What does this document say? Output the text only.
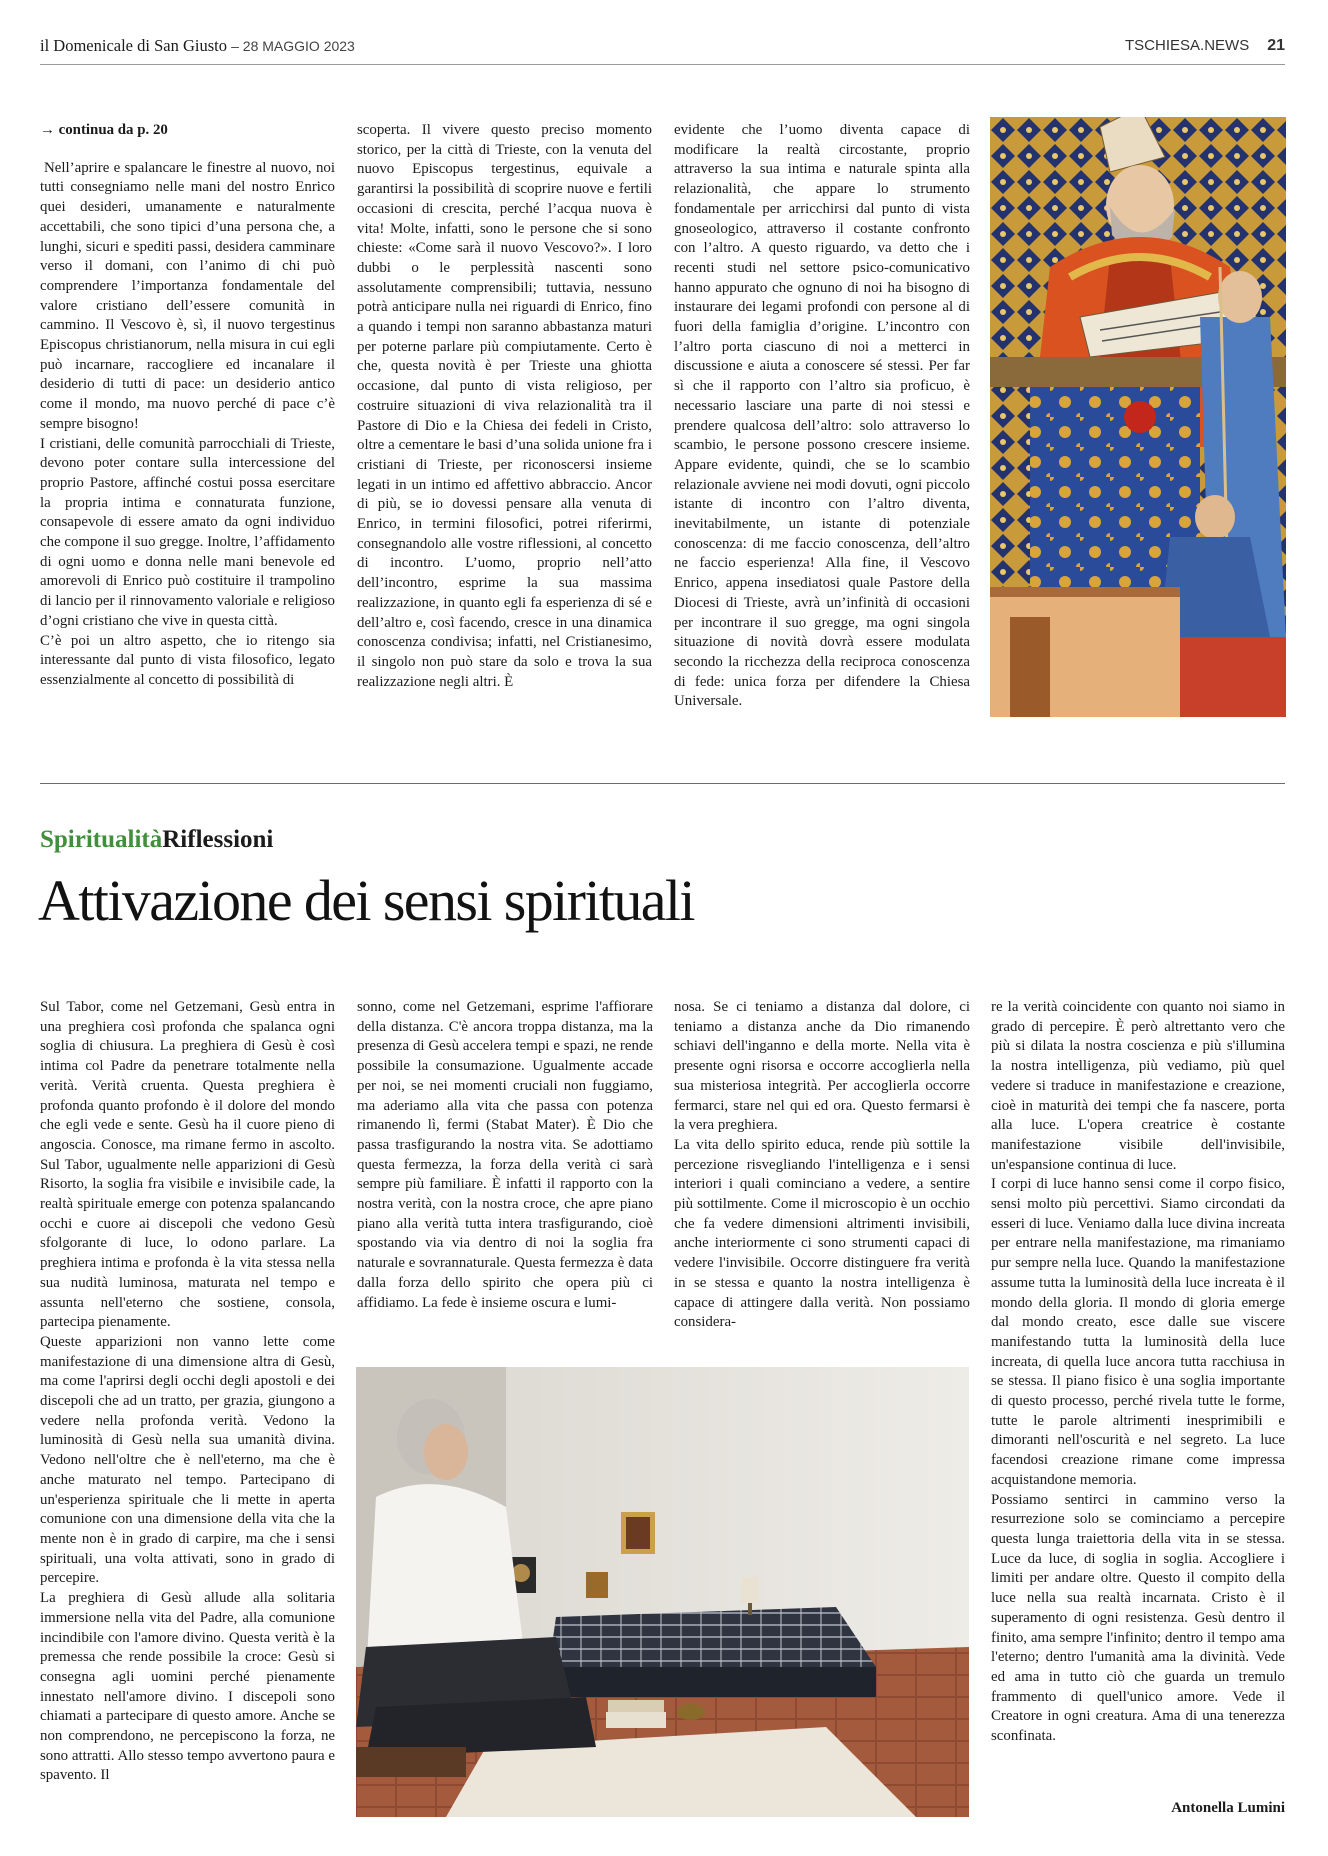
il Domenicale di San Giusto – 28 MAGGIO 2023	TSCHIESA.NEWS 21

→ continua da p. 20

Nell’aprire e spalancare le finestre al nuovo, noi tutti consegniamo nelle mani del nostro Enrico quei desideri, umanamente e naturalmente accettabili, che sono tipici d’una persona che, a lunghi, sicuri e spediti passi, desidera camminare verso il domani, con l’animo di chi può comprendere l’importanza fondamentale del valore cristiano dell’essere comunità in cammino. Il Vescovo è, sì, il nuovo tergestinus Episcopus christianorum, nella misura in cui egli può incarnare, raccogliere ed incanalare il desiderio di tutti di pace: un desiderio antico come il mondo, ma nuovo perché di pace c’è sempre bisogno!

I cristiani, delle comunità parrocchiali di Trieste, devono poter contare sulla intercessione del proprio Pastore, affinché costui possa esercitare la propria intima e connaturata funzione, consapevole di essere amato da ogni individuo che compone il suo gregge. Inoltre, l’affidamento di ogni uomo e donna nelle mani benevole ed amorevoli di Enrico può costituire il trampolino di lancio per il rinnovamento valoriale e religioso d’ogni cristiano che vive in questa città.

C’è poi un altro aspetto, che io ritengo sia interessante dal punto di vista filosofico, legato essenzialmente al concetto di possibilità di

scoperta. Il vivere questo preciso momento storico, per la città di Trieste, con la venuta del nuovo Episcopus tergestinus, equivale a garantirsi la possibilità di scoprire nuove e fertili occasioni di crescita, perché l’acqua nuova è vita! Molte, infatti, sono le persone che si sono chieste: «Come sarà il nuovo Vescovo?». I loro dubbi o le perplessità nascenti sono assolutamente comprensibili; tuttavia, nessuno potrà anticipare nulla nei riguardi di Enrico, fino a quando i tempi non saranno abbastanza maturi per poterne parlare più compiutamente. Certo è che, questa novità è per Trieste una ghiotta occasione, dal punto di vista religioso, per costruire situazioni di viva relazionalità tra il Pastore di Dio e la Chiesa dei fedeli in Cristo, oltre a cementare le basi d’una solida unione fra i cristiani di Trieste, per riconoscersi insieme legati in un intimo ed affettivo abbraccio. Ancor di più, se io dovessi pensare alla venuta di Enrico, in termini filosofici, potrei riferirmi, consegnandolo alle vostre riflessioni, al concetto di incontro. L’uomo, proprio nell’atto dell’incontro, esprime la sua massima realizzazione, in quanto egli fa esperienza di sé e dell’altro e, così facendo, cresce in una dinamica conoscenza condivisa; infatti, nel Cristianesimo, il singolo non può stare da solo e trova la sua realizzazione negli altri. È

evidente che l’uomo diventa capace di modificare la realtà circostante, proprio attraverso la sua intima e naturale spinta alla relazionalità, che appare lo strumento fondamentale per arricchirsi dal punto di vista gnoseologico, attraverso il costante confronto con l’altro. A questo riguardo, va detto che i recenti studi nel settore psico-comunicativo hanno appurato che ognuno di noi ha bisogno di instaurare dei legami profondi con persone al di fuori della famiglia d’origine. L’incontro con l’altro porta ciascuno di noi a metterci in discussione e aiuta a conoscere sé stessi. Per far sì che il rapporto con l’altro sia proficuo, è necessario lasciare una parte di noi stessi e prendere qualcosa dell’altro: solo attraverso lo scambio, le persone possono crescere insieme. Appare evidente, quindi, che se lo scambio relazionale avviene nei modi dovuti, ogni piccolo istante di incontro con l’altro diventa, inevitabilmente, un istante di potenziale conoscenza: di me faccio conoscenza, dell’altro ne faccio esperienza! Alla fine, il Vescovo Enrico, appena insediatosi quale Pastore della Diocesi di Trieste, avrà un’infinità di occasioni per incontrare il suo gregge, ma ogni singola situazione di novità dovrà essere modulata secondo la ricchezza della reciproca conoscenza di fede: unica forza per difendere la Chiesa Universale.

SpiritualitàRiflessioni
Attivazione dei sensi spirituali

Sul Tabor, come nel Getzemani, Gesù entra in una preghiera così profonda che spalanca ogni soglia di chiusura. La preghiera di Gesù è così intima col Padre da penetrare totalmente nella verità. Verità cruenta. Questa preghiera è profonda quanto profondo è il dolore del mondo che egli vede e sente. Gesù ha il cuore pieno di angoscia. Conosce, ma rimane fermo in ascolto. Sul Tabor, ugualmente nelle apparizioni di Gesù Risorto, la soglia fra visibile e invisibile cade, la realtà spirituale emerge con potenza spalancando occhi e cuore ai discepoli che vedono Gesù sfolgorante di luce, lo odono parlare. La preghiera intima e profonda è la vita stessa nella sua nudità luminosa, maturata nel tempo e assunta nell'eterno che sostiene, consola, partecipa pienamente.

Queste apparizioni non vanno lette come manifestazione di una dimensione altra di Gesù, ma come l'aprirsi degli occhi degli apostoli e dei discepoli che ad un tratto, per grazia, giungono a vedere nella profonda verità. Vedono la luminosità di Gesù nella sua umanità divina. Vedono nell'oltre che è nell'eterno, ma che è anche maturato nel tempo. Partecipano di un'esperienza spirituale che li mette in aperta comunione con una dimensione della vita che la mente non è in grado di carpire, ma che i sensi spirituali, una volta attivati, sono in grado di percepire.

La preghiera di Gesù allude alla solitaria immersione nella vita del Padre, alla comunione incindibile con l'amore divino. Questa verità è la premessa che rende possibile la croce: Gesù si consegna agli uomini perché pienamente innestato nell'amore divino. I discepoli sono chiamati a partecipare di questo amore. Anche se non comprendono, ne percepiscono la forza, ne sono attratti. Allo stesso tempo avvertono paura e spavento. Il

sonno, come nel Getzemani, esprime l'affiorare della distanza. C'è ancora troppa distanza, ma la presenza di Gesù accelera tempi e spazi, ne rende possibile la consumazione. Ugualmente accade per noi, se nei momenti cruciali non fuggiamo, ma aderiamo alla vita che passa con potenza rimanendo lì, fermi (Stabat Mater). È Dio che passa trasfigurando la nostra vita. Se adottiamo questa fermezza, la forza della verità ci sarà sempre più familiare. È infatti il rapporto con la nostra verità, con la nostra croce, che apre piano piano alla verità tutta intera trasfigurando, cioè spostando via via dentro di noi la soglia fra naturale e sovrannaturale. Questa fermezza è data dalla forza dello spirito che opera più ci affidiamo. La fede è insieme oscura e lumi-

nosa. Se ci teniamo a distanza dal dolore, ci teniamo a distanza anche da Dio rimanendo schiavi dell'inganno e della morte. Nella vita è presente ogni risorsa e occorre accoglierla nella sua misteriosa integrità. Per accoglierla occorre fermarci, stare nel qui ed ora. Questo fermarsi è la vera preghiera.

La vita dello spirito educa, rende più sottile la percezione risvegliando l'intelligenza e i sensi interiori i quali cominciano a vedere, a sentire più sottilmente. Come il microscopio è un occhio che fa vedere dimensioni altrimenti invisibili, anche interiormente ci sono strumenti capaci di vedere l'invisibile. Occorre distinguere fra verità in se stessa e quanto la nostra intelligenza è capace di attingere dalla verità. Non possiamo considera-

re la verità coincidente con quanto noi siamo in grado di percepire. È però altrettanto vero che più si dilata la nostra coscienza e più s'illumina la nostra intelligenza, più vediamo, più quel vedere si traduce in manifestazione e creazione, cioè in maturità dei tempi che fa nascere, porta alla luce. L'opera creatrice è costante manifestazione visibile dell'invisibile, un'espansione continua di luce.

I corpi di luce hanno sensi come il corpo fisico, sensi molto più percettivi. Siamo circondati da esseri di luce. Veniamo dalla luce divina increata per entrare nella manifestazione, ma rimaniamo pur sempre nella luce. Quando la manifestazione assume tutta la luminosità della luce increata è il mondo della gloria. Il mondo di gloria emerge dal mondo creato, esce dalle sue viscere manifestando tutta la luminosità della luce increata, di quella luce ancora tutta racchiusa in se stessa. Il piano fisico è una soglia importante di questo processo, perché rivela tutte le forme, tutte le parole altrimenti inesprimibili e dimoranti nell'oscurità e nel segreto. La luce facendosi creazione rimane come impressa acquistandone memoria.

Possiamo sentirci in cammino verso la resurrezione solo se cominciamo a percepire questa lunga traiettoria della vita in se stessa. Luce da luce, di soglia in soglia. Accogliere i limiti per andare oltre. Questo il compito della luce nella sua realtà incarnata. Cristo è il superamento di ogni resistenza. Gesù dentro il finito, ama sempre l'infinito; dentro il tempo ama l'eterno; dentro l'umanità ama la divinità. Vede ed ama in tutto ciò che guarda un tremulo frammento di quell'unico amore. Vede il Creatore in ogni creatura. Ama di una tenerezza sconfinata.

Antonella Lumini
